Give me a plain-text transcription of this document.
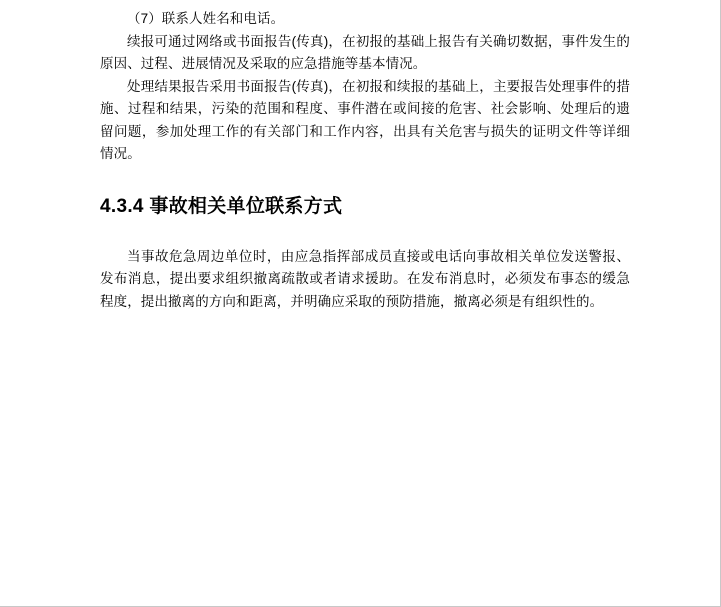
（7）联系人姓名和电话。

续报可通过网络或书面报告(传真)，在初报的基础上报告有关确切数据，事件发生的原因、过程、进展情况及采取的应急措施等基本情况。

处理结果报告采用书面报告(传真)，在初报和续报的基础上，主要报告处理事件的措施、过程和结果，污染的范围和程度、事件潜在或间接的危害、社会影响、处理后的遗留问题，参加处理工作的有关部门和工作内容，出具有关危害与损失的证明文件等详细情况。

4.3.4 事故相关单位联系方式

当事故危急周边单位时，由应急指挥部成员直接或电话向事故相关单位发送警报、发布消息，提出要求组织撤离疏散或者请求援助。在发布消息时，必须发布事态的缓急程度，提出撤离的方向和距离，并明确应采取的预防措施，撤离必须是有组织性的。
